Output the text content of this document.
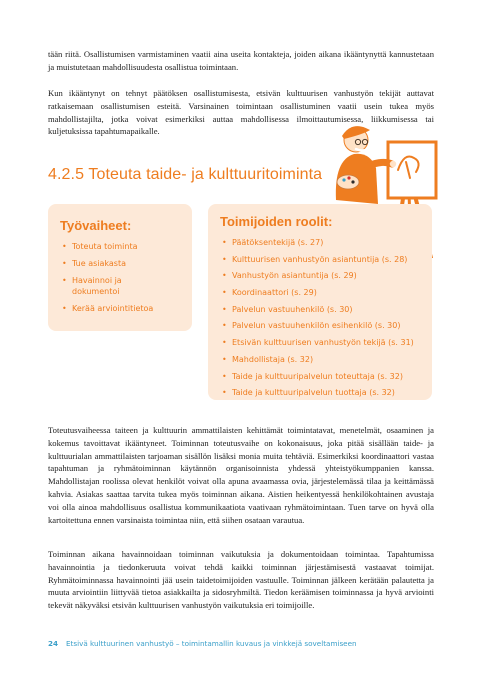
tään riitä. Osallistumisen varmistaminen vaatii aina useita kontakteja, joiden aikana ikääntynyttä kannustetaan ja muistutetaan mahdollisuudesta osallistua toimintaan.

Kun ikääntynyt on tehnyt päätöksen osallistumisesta, etsivän kulttuurisen vanhustyön tekijät auttavat ratkaisemaan osallistumisen esteitä. Varsinainen toimintaan osallistuminen vaatii usein tukea myös mahdollistajilta, jotka voivat esimerkiksi auttaa mahdollisessa ilmoittautumisessa, liikkumisessa tai kuljetuksissa tapahtumapaikalle.

4.2.5 Toteuta taide- ja kulttuuritoiminta
Työvaiheet:
• Toteuta toiminta
• Tue asiakasta
• Havainnoi ja dokumentoi
• Kerää arviointitietoa
Toimijoiden roolit:
• Päätöksentekijä (s. 27)
• Kulttuurisen vanhustyön asiantuntija (s. 28)
• Vanhustyön asiantuntija (s. 29)
• Koordinaattori (s. 29)
• Palvelun vastuuhenkilö (s. 30)
• Palvelun vastuuhenkilön esihenkilö (s. 30)
• Etsivän kulttuurisen vanhustyön tekijä (s. 31)
• Mahdollistaja (s. 32)
• Taide ja kulttuuripalvelun toteuttaja (s. 32)
• Taide ja kulttuuripalvelun tuottaja (s. 32)

Toteutusvaiheessa taiteen ja kulttuurin ammattilaisten kehittämät toimintatavat, menetelmät, osaaminen ja kokemus tavoittavat ikääntyneet. Toiminnan toteutusvaihe on kokonaisuus, joka pitää sisällään taide- ja kulttuurialan ammattilaisten tarjoaman sisällön lisäksi monia muita tehtäviä. Esimerkiksi koordinaattori vastaa tapahtuman ja ryhmätoiminnan käytännön organisoinnista yhdessä yhteistyökumppanien kanssa. Mahdollistajan roolissa olevat henkilöt voivat olla apuna avaamassa ovia, järjestelemässä tilaa ja keittämässä kahvia. Asiakas saattaa tarvita tukea myös toiminnan aikana. Aistien heikentyessä henkilökohtainen avustaja voi olla ainoa mahdollisuus osallistua kommunikaatiota vaativaan ryhmätoimintaan. Tuen tarve on hyvä olla kartoitettuna ennen varsinaista toimintaa niin, että siihen osataan varautua.

Toiminnan aikana havainnoidaan toiminnan vaikutuksia ja dokumentoidaan toimintaa. Tapahtumissa havainnointia ja tiedonkeruuta voivat tehdä kaikki toiminnan järjestämisestä vastaavat toimijat. Ryhmätoiminnassa havainnointi jää usein taidetoimijoiden vastuulle. Toiminnan jälkeen kerätään palautetta ja muuta arviointiin liittyvää tietoa asiakkailta ja sidosryhmiltä. Tiedon keräämisen toiminnassa ja hyvä arviointi tekevät näkyväksi etsivän kulttuurisen vanhustyön vaikutuksia eri toimijoille.

24 Etsivä kulttuurinen vanhustyö – toimintamallin kuvaus ja vinkkejä soveltamiseen
